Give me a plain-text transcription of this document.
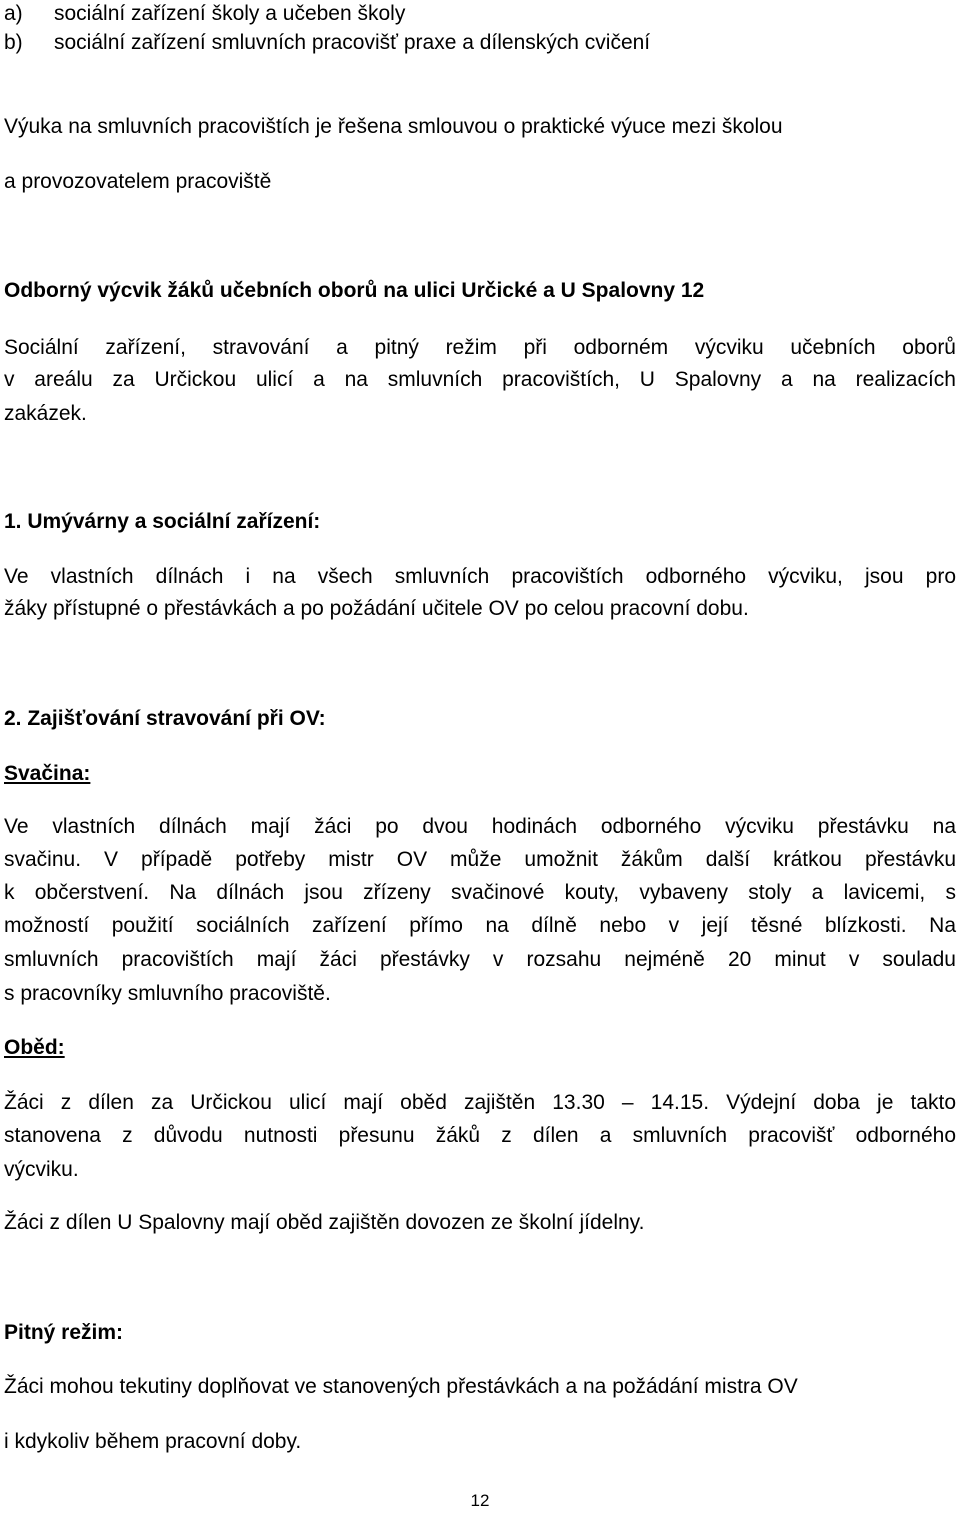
a) sociální zařízení školy a učeben školy
b) sociální zařízení smluvních pracovišť praxe a dílenských cvičení
Výuka na smluvních pracovištích je řešena smlouvou o praktické výuce mezi školou
a provozovatelem pracoviště
Odborný výcvik žáků učebních oborů na ulici Určické a U Spalovny 12
Sociální zařízení, stravování a pitný režim při odborném výcviku učebních oborů
v areálu za Určickou ulicí a na smluvních pracovištích, U Spalovny a na realizacích
zakázek.
1. Umývárny a sociální zařízení:
Ve vlastních dílnách i na všech smluvních pracovištích odborného výcviku, jsou pro
žáky přístupné o přestávkách a po požádání učitele OV po celou pracovní dobu.
2. Zajišťování stravování při OV:
Svačina:
Ve vlastních dílnách mají žáci po dvou hodinách odborného výcviku přestávku na
svačinu. V případě potřeby mistr OV může umožnit žákům další krátkou přestávku
k občerstvení. Na dílnách jsou zřízeny svačinové kouty, vybaveny stoly a lavicemi, s
možností použití sociálních zařízení přímo na dílně nebo v její těsné blízkosti. Na
smluvních pracovištích mají žáci přestávky v rozsahu nejméně 20 minut v souladu
s pracovníky smluvního pracoviště.
Oběd:
Žáci z dílen za Určickou ulicí mají oběd zajištěn 13.30 – 14.15. Výdejní doba je takto
stanovena z důvodu nutnosti přesunu žáků z dílen a smluvních pracovišť odborného
výcviku.
Žáci z dílen U Spalovny mají oběd zajištěn dovozen ze školní jídelny.
Pitný režim:
Žáci mohou tekutiny doplňovat ve stanovených přestávkách a na požádání mistra OV
i kdykoliv během pracovní doby.
12
